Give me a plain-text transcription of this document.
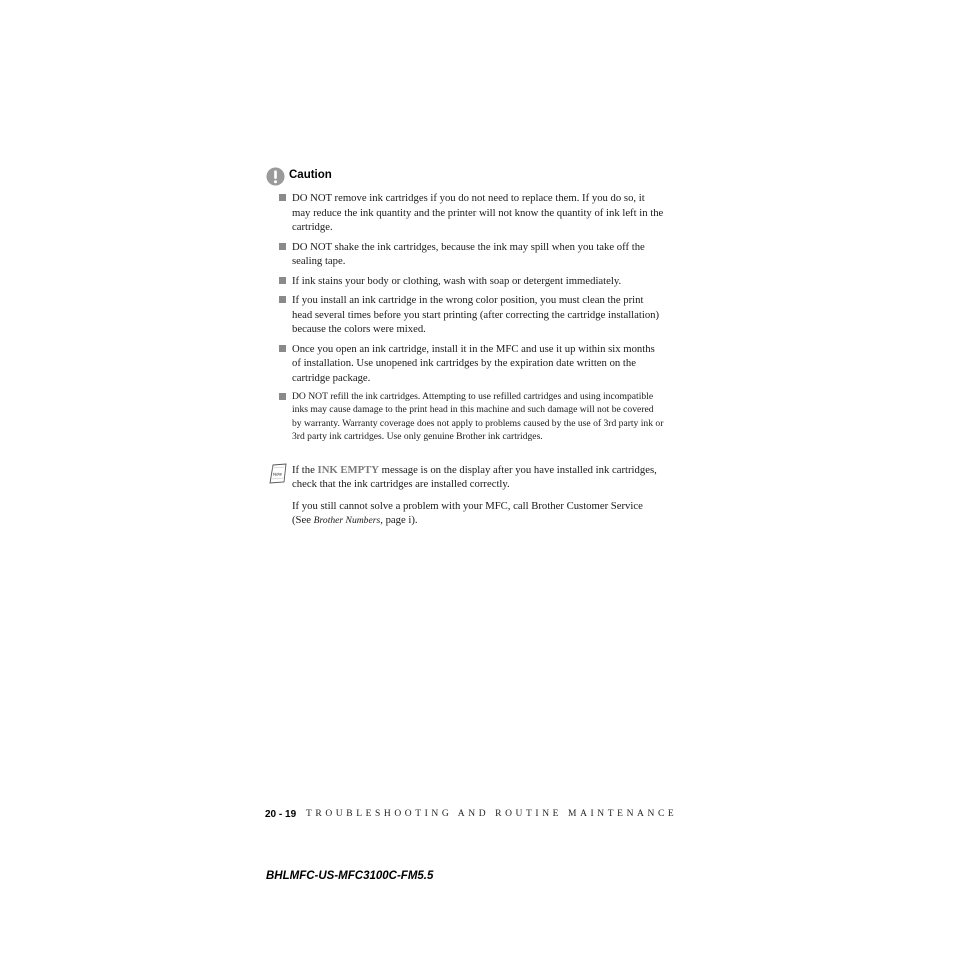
Caution
DO NOT remove ink cartridges if you do not need to replace them. If you do so, it may reduce the ink quantity and the printer will not know the quantity of ink left in the cartridge.
DO NOT shake the ink cartridges, because the ink may spill when you take off the sealing tape.
If ink stains your body or clothing, wash with soap or detergent immediately.
If you install an ink cartridge in the wrong color position, you must clean the print head several times before you start printing (after correcting the cartridge installation) because the colors were mixed.
Once you open an ink cartridge, install it in the MFC and use it up within six months of installation. Use unopened ink cartridges by the expiration date written on the cartridge package.
DO NOT refill the ink cartridges. Attempting to use refilled cartridges and using incompatible inks may cause damage to the print head in this machine and such damage will not be covered by warranty. Warranty coverage does not apply to problems caused by the use of 3rd party ink or 3rd party ink cartridges. Use only genuine Brother ink cartridges.
Note If the INK EMPTY message is on the display after you have installed ink cartridges, check that the ink cartridges are installed correctly.
If you still cannot solve a problem with your MFC, call Brother Customer Service (See Brother Numbers, page i).
20 - 19 TROUBLESHOOTING AND ROUTINE MAINTENANCE
BHLMFC-US-MFC3100C-FM5.5
